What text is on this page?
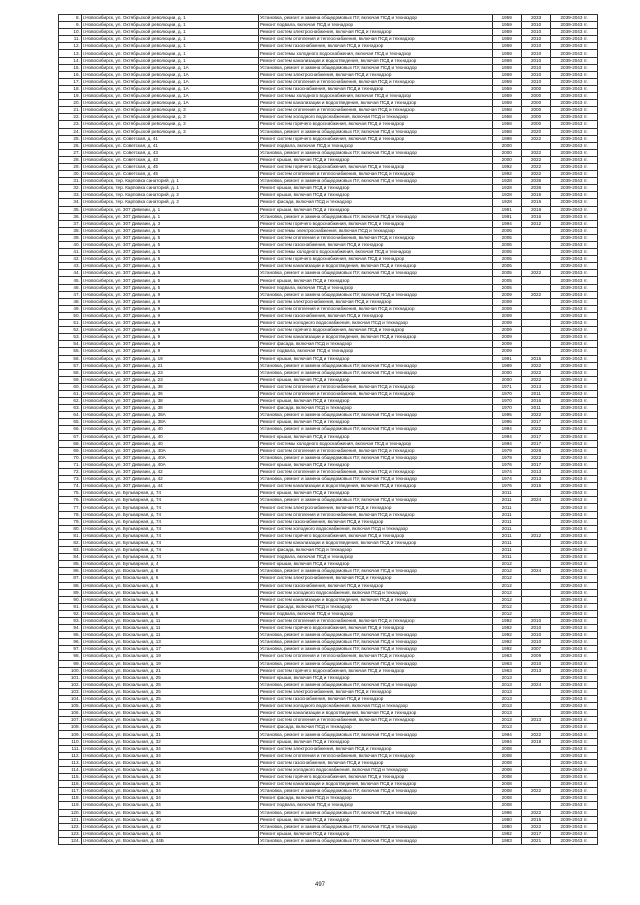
8.	г.Новосибирск, ул. Октябрьской революции, д. 1	Установка, ремонт и замена общедомовых ПУ, включая ПСД и техназдор	1959	2033	2039-2043 гг.
9.	г.Новосибирск, ул. Октябрьской революции, д. 1	Ремонт подвала, включая ПСД и технадзор	1959	2010	2039-2043 гг.
10.	г.Новосибирск, ул. Октябрьской революции, д. 1	Ремонт систем электроснабжения, включая ПСД и технадзор	1959	2010	2039-2043 гг.
11.	г.Новосибирск, ул. Октябрьской революции, д. 1	Ремонт систем отопления и теплоснабжения, включая ПСД и технадзор	1959	2010	2039-2043 гг.
12.	г.Новосибирск, ул. Октябрьской революции, д. 1	Ремонт систем газоснабжения, включая ПСД и технадзор	1959	2010	2039-2043 гг.
13.	г.Новосибирск, ул. Октябрьской революции, д. 1	Ремонт системы холодного водоснабжения, включая ПСД и технадзор	1959	2010	2039-2043 гг.
14.	г.Новосибирск, ул. Октябрьской революции, д. 1	Ремонт систем канализации и водоотведения, включая ПСД и технадзор	1959	2010	2039-2043 гг.
15.	г.Новосибирск, ул. Октябрьской революции, д. 1А	Установка, ремонт и замена общедомовых ПУ, включая ПСД и техназдор	1959	2010	2039-2043 гг.
16.	г.Новосибирск, ул. Октябрьской революции, д. 1А	Ремонт систем электроснабжения, включая ПСД и технадзор	1959	2010	2039-2043 гг.
17.	г.Новосибирск, ул. Октябрьской революции, д. 1А	Ремонт систем отопления и теплоснабжения, включая ПСД и технадзор	1959	2010	2039-2043 гг.
18.	г.Новосибирск, ул. Октябрьской революции, д. 1А	Ремонт систем газоснабжения, включая ПСД и технадзор	1959	2000	2039-2043 гг.
19.	г.Новосибирск, ул. Октябрьской революции, д. 1А	Ремонт системы холодного водоснабжения, включая ПСД и технадзор	1959	2000	2039-2043 гг.
20.	г.Новосибирск, ул. Октябрьской революции, д. 1А	Ремонт систем канализации и водоотведения, включая ПСД и технадзор	1959	2000	2039-2043 гг.
21.	г.Новосибирск, ул. Октябрьской революции, д. 3	Ремонт систем отопления и теплоснабжения, включая ПСД и технадзор	1958	2000	2039-2043 гг.
22.	г.Новосибирск, ул. Октябрьской революции, д. 3	Ремонт систем холодного водоснабжения, включая ПСД и технадзор	1958	2000	2039-2043 гг.
23.	г.Новосибирск, ул. Октябрьской революции, д. 3	Ремонт систем горячего водоснабжения, включая ПСД и технадзор	1958	2000	2039-2043 гг.
24.	г.Новосибирск, ул. Октябрьской революции, д. 3	Установка, ремонт и замена общедомовых ПУ, включая ПСД и техназдор	1958	2020	2039-2043 гг.
25.	г.Новосибирск, ул. Советская, д. 41	Ремонт систем горячего водоснабжения, включая ПСД и технадзор	1998	2022	2039-2043 гг.
26.	г.Новосибирск, ул. Советская, д. 41	Ремонт подвала, включая ПСД и технадзор	2000		2039-2043 гг.
27.	г.Новосибирск, ул. Советская, д. 43	Установка, ремонт и замена общедомовых ПУ, включая ПСД и техназдор	2000	2022	2039-2043 гг.
28.	г.Новосибирск, ул. Советская, д. 43	Ремонт крыши, включая ПСД и технадзор	2000	2022	2039-2043 гг.
29.	г.Новосибирск, ул. Советская, д. 45	Ремонт систем горячего водоснабжения, включая ПСД и технадзор	1992	2022	2039-2043 гг.
30.	г.Новосибирск, ул. Советская, д. 45	Ремонт систем отопления и теплоснабжения, включая ПСД и технадзор	1992	2022	2039-2043 гг.
31.	г.Новосибирск, тер. Карповка санаторий, д. 1	Установка, ремонт и замена общедомовых ПУ, включая ПСД и техназдор	1928	2036	2039-2043 гг.
32.	г.Новосибирск, тер. Карповка санаторий, д. 1	Ремонт крыши, включая ПСД и технадзор	1928	2036	2039-2043 гг.
33.	г.Новосибирск, тер. Карповка санаторий, д. 2	Ремонт крыши, включая ПСД и технадзор	1928	2016	2039-2043 гг.
34.	г.Новосибирск, тер. Карповка санаторий, д. 2	Ремонт фасада, включая ПСД и технадзор	1928	2016	2039-2043 гг.
35.	г.Новосибирск, ул. 307 Дивизии, д. 1	Ремонт крыши, включая ПСД и технадзор	1991	2016	2039-2043 гг.
36.	г.Новосибирск, ул. 307 Дивизии, д. 1	Установка, ремонт и замена общедомовых ПУ, включая ПСД и техназдор	1991	2016	2039-2043 гг.
37.	г.Новосибирск, ул. 307 Дивизии, д. 3	Ремонт систем горячего водоснабжения, включая ПСД и технадзор	1994	2012	2039-2043 гг.
38.	г.Новосибирск, ул. 307 Дивизии, д. 5	Ремонт системы электроснабжения, включая ПСД и технадзор	2005		2039-2043 гг.
39.	г.Новосибирск, ул. 307 Дивизии, д. 5	Ремонт систем отопления и теплоснабжения, включая ПСД и технадзор	2005		2039-2043 гг.
40.	г.Новосибирск, ул. 307 Дивизии, д. 5	Ремонт систем газоснабжения, включая ПСД и технадзор	2005		2039-2043 гг.
41.	г.Новосибирск, ул. 307 Дивизии, д. 5	Ремонт системы холодного водоснабжения, включая ПСД и технадзор	2005		2039-2043 гг.
42.	г.Новосибирск, ул. 307 Дивизии, д. 5	Ремонт систем горячего водоснабжения, включая ПСД и технадзор	2005		2039-2043 гг.
43.	г.Новосибирск, ул. 307 Дивизии, д. 5	Ремонт систем канализации и водоотведения, включая ПСД и технадзор	2005		2039-2043 гг.
44.	г.Новосибирск, ул. 307 Дивизии, д. 5	Установка, ремонт и замена общедомовых ПУ, включая ПСД и техназдор	2005	2022	2039-2043 гг.
45.	г.Новосибирск, ул. 307 Дивизии, д. 5	Ремонт крыши, включая ПСД и технадзор	2005		2039-2043 гг.
46.	г.Новосибирск, ул. 307 Дивизии, д. 5	Ремонт подвала, включая ПСД и технадзор	2005		2039-2043 гг.
47.	г.Новосибирск, ул. 307 Дивизии, д. 9	Установка, ремонт и замена общедомовых ПУ, включая ПСД и техназдор	2009	2022	2039-2043 гг.
48.	г.Новосибирск, ул. 307 Дивизии, д. 9	Ремонт систем электроснабжения, включая ПСД и технадзор	2009		2039-2043 гг.
49.	г.Новосибирск, ул. 307 Дивизии, д. 9	Ремонт систем отопления и теплоснабжения, включая ПСД и технадзор	2009		2039-2043 гг.
50.	г.Новосибирск, ул. 307 Дивизии, д. 9	Ремонт систем газоснабжения, включая ПСД и технадзор	2009		2039-2043 гг.
51.	г.Новосибирск, ул. 307 Дивизии, д. 9	Ремонт систем холодного водоснабжения, включая ПСД и технадзор	2009		2039-2043 гг.
52.	г.Новосибирск, ул. 307 Дивизии, д. 9	Ремонт систем горячего водоснабжения, включая ПСД и технадзор	2009		2039-2043 гг.
53.	г.Новосибирск, ул. 307 Дивизии, д. 9	Ремонт систем канализации и водоотведения, включая ПСД и технадзор	2009		2039-2043 гг.
54.	г.Новосибирск, ул. 307 Дивизии, д. 9	Ремонт фасада, включая ПСД и технадзор	2009		2039-2043 гг.
55.	г.Новосибирск, ул. 307 Дивизии, д. 9	Ремонт подвала, включая ПСД и технадзор	2009		2039-2043 гг.
56.	г.Новосибирск, ул. 307 Дивизии, д. 19	Ремонт крыши, включая ПСД и технадзор	1991	2015	2039-2043 гг.
57.	г.Новосибирск, ул. 307 Дивизии, д. 21	Установка, ремонт и замена общедомовых ПУ, включая ПСД и техназдор	1989	2022	2039-2043 гг.
58.	г.Новосибирск, ул. 307 Дивизии, д. 23	Установка, ремонт и замена общедомовых ПУ, включая ПСД и техназдор	2000	2022	2039-2043 гг.
59.	г.Новосибирск, ул. 307 Дивизии, д. 23	Ремонт крыши, включая ПСД и технадзор	2000	2022	2039-2043 гг.
60.	г.Новосибирск, ул. 307 Дивизии, д. 36	Ремонт систем отопления и теплоснабжения, включая ПСД и технадзор	1971	2013	2039-2043 гг.
61.	г.Новосибирск, ул. 307 Дивизии, д. 36	Ремонт систем отопления и теплоснабжения, включая ПСД и технадзор	1970	2011	2039-2043 гг.
62.	г.Новосибирск, ул. 307 Дивизии, д. 38	Ремонт крыши, включая ПСД и технадзор	1970	2016	2039-2043 гг.
63.	г.Новосибирск, ул. 307 Дивизии, д. 38	Ремонт фасада, включая ПСД и технадзор	1970	2011	2039-2043 гг.
64.	г.Новосибирск, ул. 307 Дивизии, д. 38А	Установка, ремонт и замена общедомовых ПУ, включая ПСД и техназдор	1995	2022	2039-2043 гг.
65.	г.Новосибирск, ул. 307 Дивизии, д. 38А	Ремонт крыши, включая ПСД и технадзор	1995	2017	2039-2043 гг.
66.	г.Новосибирск, ул. 307 Дивизии, д. 40	Установка, ремонт и замена общедомовых ПУ, включая ПСД и техназдор	1994	2022	2039-2043 гг.
67.	г.Новосибирск, ул. 307 Дивизии, д. 40	Ремонт крыши, включая ПСД и технадзор	1994	2017	2039-2043 гг.
68.	г.Новосибирск, ул. 307 Дивизии, д. 40	Ремонт системы холодного водоснабжения, включая ПСД и технадзор	1994	2017	2039-2043 гг.
69.	г.Новосибирск, ул. 307 Дивизии, д. 40А	Ремонт систем отопления и теплоснабжения, включая ПСД и технадзор	1979	2026	2039-2043 гг.
70.	г.Новосибирск, ул. 307 Дивизии, д. 40А	Установка, ремонт и замена общедомовых ПУ, включая ПСД и техназдор	1979	2022	2039-2043 гг.
71.	г.Новосибирск, ул. 307 Дивизии, д. 40А	Ремонт крыши, включая ПСД и технадзор	1976	2017	2039-2043 гг.
72.	г.Новосибирск, ул. 307 Дивизии, д. 42	Ремонт систем отопления и теплоснабжения, включая ПСД и технадзор	1974	2013	2039-2043 гг.
73.	г.Новосибирск, ул. 307 Дивизии, д. 42	Установка, ремонт и замена общедомовых ПУ, включая ПСД и техназдор	1974	2013	2039-2043 гг.
74.	г.Новосибирск, ул. 307 Дивизии, д. 44	Ремонт систем канализации и водоотведения, включая ПСД и технадзор	1976	2016	2039-2043 гг.
75.	г.Новосибирск, ул. Бульварная, д. 74	Ремонт крыши, включая ПСД и технадзор	2011		2039-2043 гг.
76.	г.Новосибирск, ул. Бульварная, д. 74	Установка, ремонт и замена общедомовых ПУ, включая ПСД и техназдор	2011	2024	2039-2043 гг.
77.	г.Новосибирск, ул. Бульварная, д. 74	Ремонт систем электроснабжения, включая ПСД и технадзор	2011		2039-2043 гг.
78.	г.Новосибирск, ул. Бульварная, д. 74	Ремонт систем отопления и теплоснабжения, включая ПСД и технадзор	2011		2039-2043 гг.
79.	г.Новосибирск, ул. Бульварная, д. 74	Ремонт систем газоснабжения, включая ПСД и технадзор	2011		2039-2043 гг.
80.	г.Новосибирск, ул. Бульварная, д. 74	Ремонт систем холодного водоснабжения, включая ПСД и технадзор	2011		2039-2043 гг.
81.	г.Новосибирск, ул. Бульварная, д. 74	Ремонт систем горячего водоснабжения, включая ПСД и технадзор	2011	2012	2039-2043 гг.
82.	г.Новосибирск, ул. Бульварная, д. 74	Ремонт систем канализации и водоотведения, включая ПСД и технадзор	2011		2039-2043 гг.
83.	г.Новосибирск, ул. Бульварная, д. 74	Ремонт фасада, включая ПСД и технадзор	2011		2039-2043 гг.
84.	г.Новосибирск, ул. Бульварная, д. 74	Ремонт подвала, включая ПСД и технадзор	2011		2039-2043 гг.
85.	г.Новосибирск, ул. Бульварная, д. 4	Ремонт крыши, включая ПСД и технадзор	2012		2039-2043 гг.
86.	г.Новосибирск, ул. Вокзальная, д. 6	Установка, ремонт и замена общедомовых ПУ, включая ПСД и техназдор	2012	2024	2039-2043 гг.
87.	г.Новосибирск, ул. Вокзальная, д. 6	Ремонт систем электроснабжения, включая ПСД и технадзор	2012		2039-2043 гг.
88.	г.Новосибирск, ул. Вокзальная, д. 6	Ремонт систем газоснабжения, включая ПСД и технадзор	2012		2039-2043 гг.
89.	г.Новосибирск, ул. Вокзальная, д. 6	Ремонт систем холодного водоснабжения, включая ПСД и технадзор	2012		2039-2043 гг.
90.	г.Новосибирск, ул. Вокзальная, д. 6	Ремонт систем канализации и водоотведения, включая ПСД и технадзор	2012		2039-2043 гг.
91.	г.Новосибирск, ул. Вокзальная, д. 6	Ремонт фасада, включая ПСД и технадзор	2012		2039-2043 гг.
92.	г.Новосибирск, ул. Вокзальная, д. 6	Ремонт подвала, включая ПСД и технадзор	2012		2039-2043 гг.
93.	г.Новосибирск, ул. Вокзальная, д. 11	Ремонт систем отопления и теплоснабжения, включая ПСД и технадзор	1992	2010	2039-2043 гг.
94.	г.Новосибирск, ул. Вокзальная, д. 11	Ремонт систем горячего водоснабжения, включая ПСД и технадзор	1992	2010	2039-2043 гг.
95.	г.Новосибирск, ул. Вокзальная, д. 11	Установка, ремонт и замена общедомовых ПУ, включая ПСД и техназдор	1992	2010	2039-2043 гг.
96.	г.Новосибирск, ул. Вокзальная, д. 13	Установка, ремонт и замена общедомовых ПУ, включая ПСД и техназдор	1992	2010	2039-2043 гг.
97.	г.Новосибирск, ул. Вокзальная, д. 17	Установка, ремонт и замена общедомовых ПУ, включая ПСД и техназдор	1992	2007	2039-2043 гг.
98.	г.Новосибирск, ул. Вокзальная, д. 19	Ремонт систем отопления и теплоснабжения, включая ПСД и технадзор	1963	2009	2039-2043 гг.
99.	г.Новосибирск, ул. Вокзальная, д. 19	Установка, ремонт и замена общедомовых ПУ, включая ПСД и техназдор	1963	2010	2039-2043 гг.
100.	г.Новосибирск, ул. Вокзальная, д. 21	Ремонт систем горячего водоснабжения, включая ПСД и технадзор	1963	2013	2039-2043 гг.
101.	г.Новосибирск, ул. Вокзальная, д. 25	Ремонт крыши, включая ПСД и технадзор	2013		2039-2043 гг.
102.	г.Новосибирск, ул. Вокзальная, д. 25	Установка, ремонт и замена общедомовых ПУ, включая ПСД и техназдор	2013	2024	2039-2043 гг.
103.	г.Новосибирск, ул. Вокзальная, д. 25	Ремонт систем электроснабжения, включая ПСД и технадзор	2013		2039-2043 гг.
104.	г.Новосибирск, ул. Вокзальная, д. 25	Ремонт систем газоснабжения, включая ПСД и технадзор	2013		2039-2043 гг.
105.	г.Новосибирск, ул. Вокзальная, д. 25	Ремонт систем холодного водоснабжения, включая ПСД и технадзор	2013		2039-2043 гг.
106.	г.Новосибирск, ул. Вокзальная, д. 25	Ремонт систем канализации и водоотведения, включая ПСД и технадзор	2013		2039-2043 гг.
107.	г.Новосибирск, ул. Вокзальная, д. 25	Ремонт систем отопления и теплоснабжения, включая ПСД и технадзор	2013	2013	2039-2043 гг.
108.	г.Новосибирск, ул. Вокзальная, д. 25	Ремонт фасада, включая ПСД и технадзор	2013		2039-2043 гг.
109.	г.Новосибирск, ул. Вокзальная, д. 31	Установка, ремонт и замена общедомовых ПУ, включая ПСД и техназдор	1994	2022	2039-2043 гг.
110.	г.Новосибирск, ул. Вокзальная, д. 32	Ремонт крыши, включая ПСД и технадзор	1994	2018	2039-2043 гг.
111.	г.Новосибирск, ул. Вокзальная, д. 34	Ремонт систем электроснабжения, включая ПСД и технадзор	2008		2039-2043 гг.
112.	г.Новосибирск, ул. Вокзальная, д. 34	Ремонт систем отопления и теплоснабжения, включая ПСД и технадзор	2008		2039-2043 гг.
113.	г.Новосибирск, ул. Вокзальная, д. 34	Ремонт систем газоснабжения, включая ПСД и технадзор	2008		2039-2043 гг.
114.	г.Новосибирск, ул. Вокзальная, д. 34	Ремонт систем холодного водоснабжения, включая ПСД и технадзор	2008		2039-2043 гг.
115.	г.Новосибирск, ул. Вокзальная, д. 34	Ремонт систем горячего водоснабжения, включая ПСД и технадзор	2008		2039-2043 гг.
116.	г.Новосибирск, ул. Вокзальная, д. 34	Ремонт систем канализации и водоотведения, включая ПСД и технадзор	2008		2039-2043 гг.
117.	г.Новосибирск, ул. Вокзальная, д. 34	Установка, ремонт и замена общедомовых ПУ, включая ПСД и техназдор	2008	2022	2039-2043 гг.
118.	г.Новосибирск, ул. Вокзальная, д. 34	Ремонт фасада, включая ПСД и технадзор	2008		2039-2043 гг.
119.	г.Новосибирск, ул. Вокзальная, д. 34	Ремонт подвала, включая ПСД и технадзор	2008		2039-2043 гг.
120.	г.Новосибирск, ул. Вокзальная, д. 36	Установка, ремонт и замена общедомовых ПУ, включая ПСД и техназдор	1996	2022	2039-2043 гг.
121.	г.Новосибирск, ул. Вокзальная, д. 40	Ремонт крыши, включая ПСД и технадзор	1980	2015	2039-2043 гг.
122.	г.Новосибирск, ул. Вокзальная, д. 42	Установка, ремонт и замена общедомовых ПУ, включая ПСД и техназдор	1980	2022	2039-2043 гг.
123.	г.Новосибирск, ул. Вокзальная, д. 44	Ремонт крыши, включая ПСД и технадзор	1982	2017	2039-2043 гг.
124.	г.Новосибирск, ул. Вокзальная, д. 44Б	Установка, ремонт и замена общедомовых ПУ, включая ПСД и техназдор	1983	2021	2039-2043 гг.
497
